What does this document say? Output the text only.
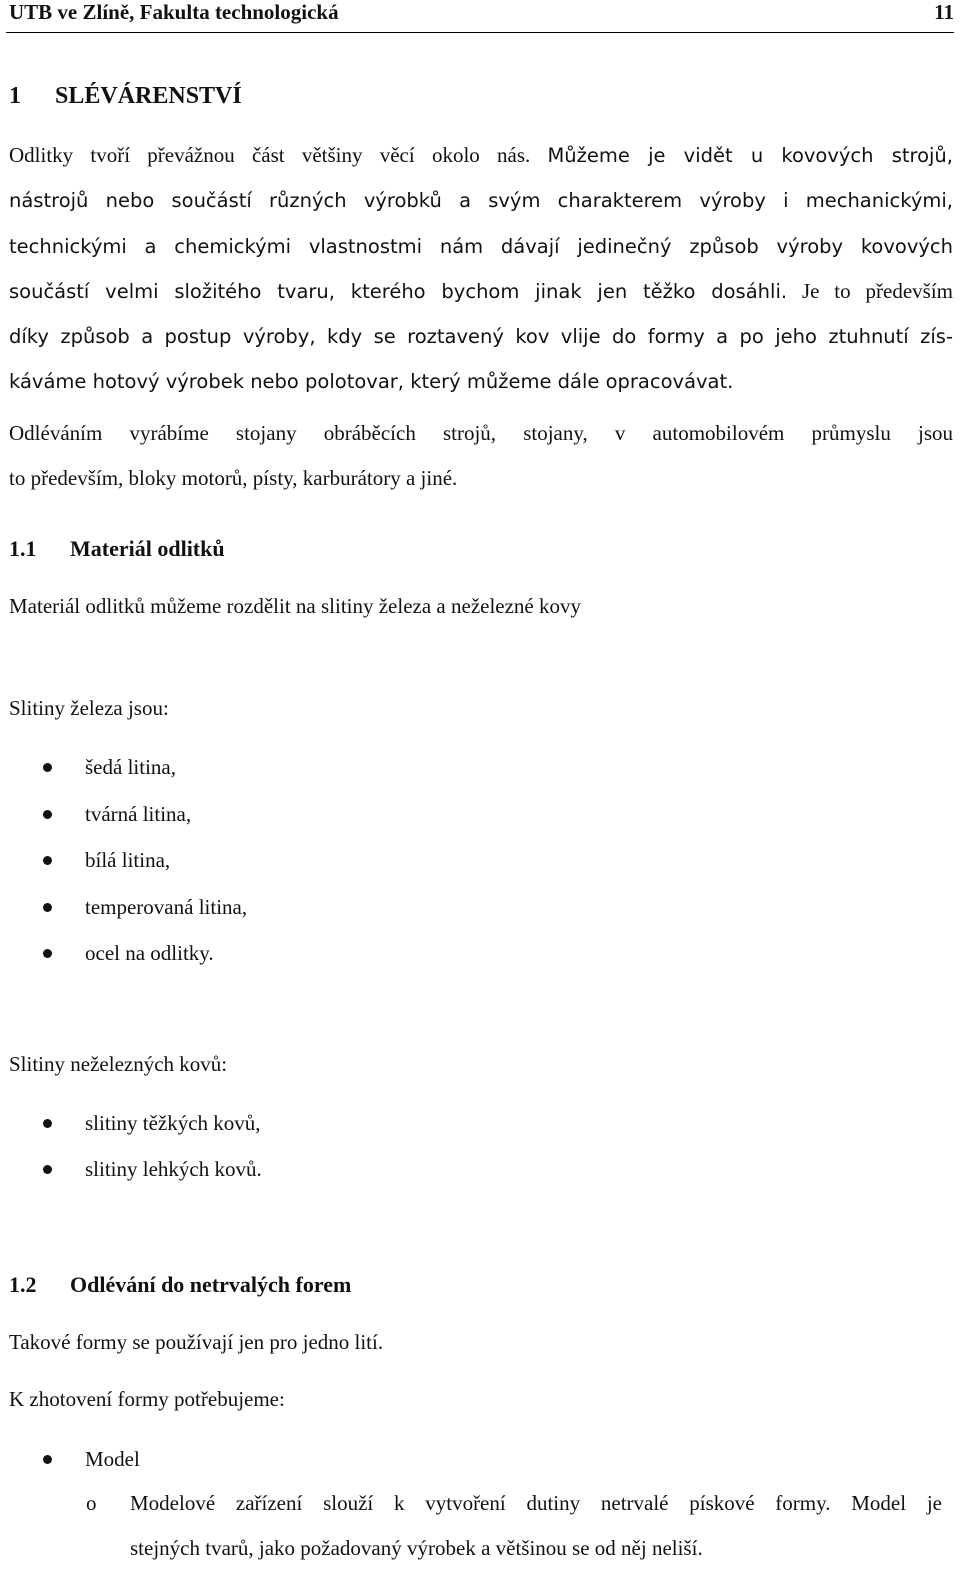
UTB ve Zlíně, Fakulta technologická	11
1 SLÉVÁRENSTVÍ
Odlitky tvoří převážnou část většiny věcí okolo nás. Můžeme je vidět u kovových strojů,
nástrojů nebo součástí různých výrobků a svým charakterem výroby i mechanickými,
technickými a chemickými vlastnostmi nám dávají jedinečný způsob výroby kovových
součástí velmi složitého tvaru, kterého bychom jinak jen těžko dosáhli. Je to především
díky způsob a postup výroby, kdy se roztavený kov vlije do formy a po jeho ztuhnutí zís-
káváme hotový výrobek nebo polotovar, který můžeme dále opracovávat.
Odléváním vyrábíme stojany obráběcích strojů, stojany, v automobilovém průmyslu jsou
to především, bloky motorů, písty, karburátory a jiné.
1.1 Materiál odlitků
Materiál odlitků můžeme rozdělit na slitiny železa a neželezné kovy
Slitiny železa jsou:
šedá litina,
tvárná litina,
bílá litina,
temperovaná litina,
ocel na odlitky.
Slitiny neželezných kovů:
slitiny těžkých kovů,
slitiny lehkých kovů.
1.2 Odlévání do netrvalých forem
Takové formy se používají jen pro jedno lití.
K zhotovení formy potřebujeme:
Model
o Modelové zařízení slouží k vytvoření dutiny netrvalé pískové formy. Model je
stejných tvarů, jako požadovaný výrobek a většinou se od něj neliší.
